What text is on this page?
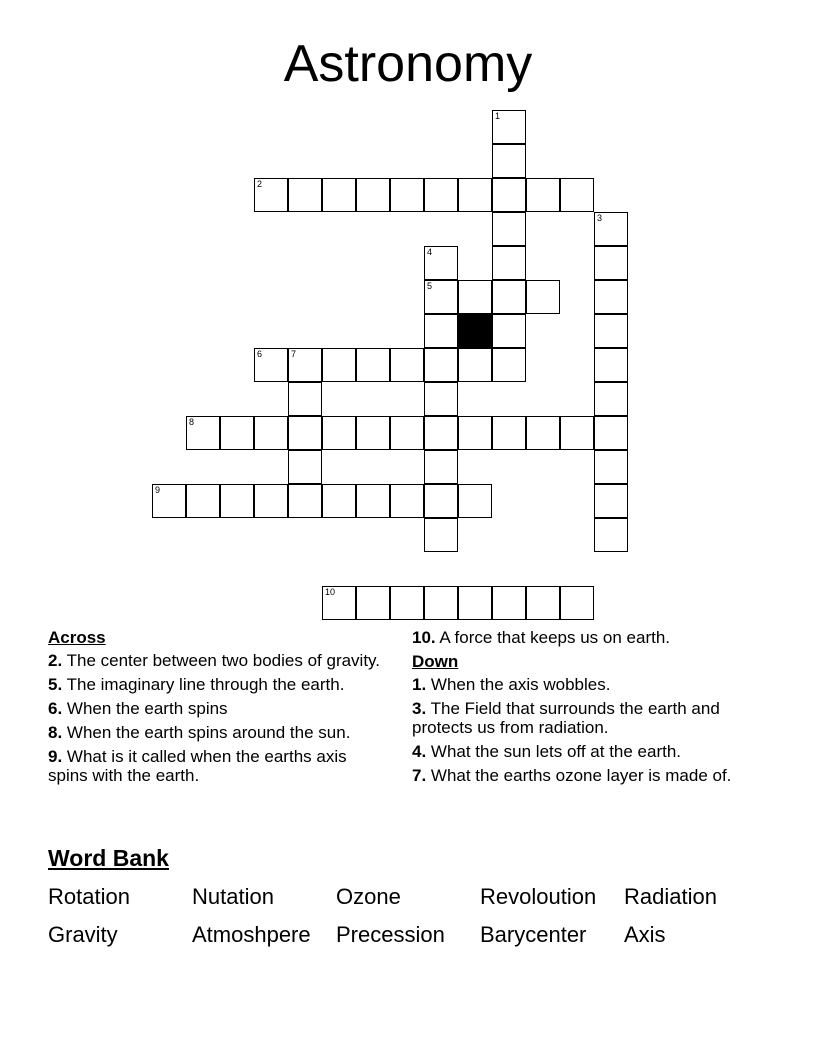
Astronomy
1
2
3
4
5
6	7
8
9
10
Across
2. The center between two bodies of gravity.
5. The imaginary line through the earth.
6. When the earth spins
8. When the earth spins around the sun.
9. What is it called when the earths axis spins with the earth.
10. A force that keeps us on earth.
Down
1. When the axis wobbles.
3. The Field that surrounds the earth and protects us from radiation.
4. What the sun lets off at the earth.
7. What the earths ozone layer is made of.
Word Bank
Rotation	Nutation	Ozone	Revoloution	Radiation
Gravity	Atmoshpere	Precession	Barycenter	Axis
